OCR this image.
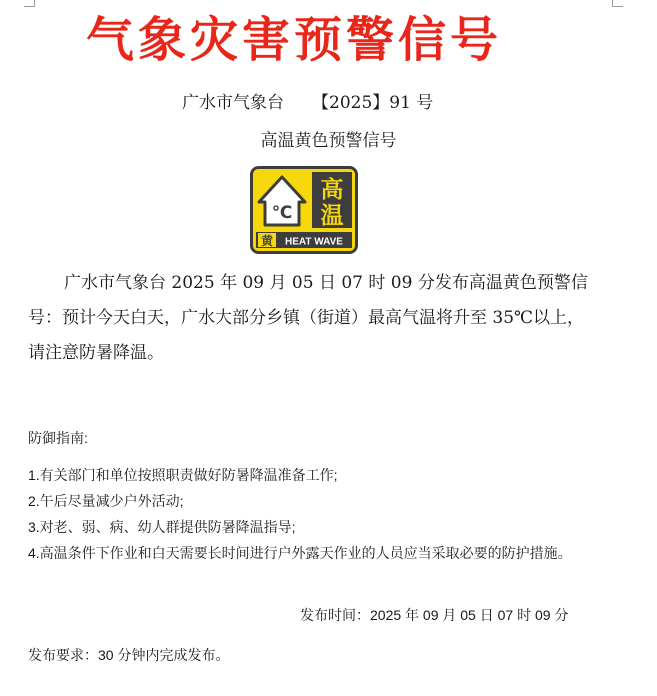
气象灾害预警信号
广水市气象台 【2025】91 号
高温黄色预警信号
℃
高
温
黄 HEAT WAVE
广水市气象台 2025 年 09 月 05 日 07 时 09 分发布高温黄色预警信号：预计今天白天，广水大部分乡镇（街道）最高气温将升至 35℃以上，请注意防暑降温。
防御指南:
1.有关部门和单位按照职责做好防暑降温准备工作;
2.午后尽量减少户外活动;
3.对老、弱、病、幼人群提供防暑降温指导;
4.高温条件下作业和白天需要长时间进行户外露天作业的人员应当采取必要的防护措施。
发布时间：2025 年 09 月 05 日 07 时 09 分
发布要求：30 分钟内完成发布。
